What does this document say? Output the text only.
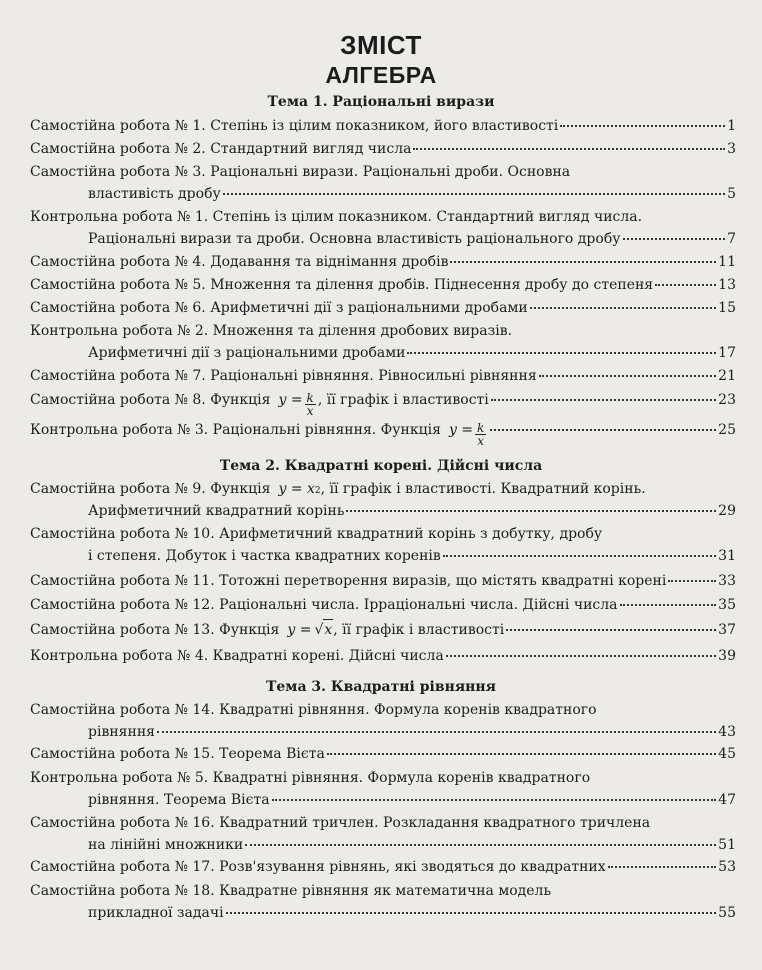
ЗМІСТ
АЛГЕБРА
Тема 1. Раціональні вирази
Самостійна робота № 1. Степінь із цілим показником, його властивості	1
Самостійна робота № 2. Стандартний вигляд числа	3
Самостійна робота № 3. Раціональні вирази. Раціональні дроби. Основна
властивість дробу	5
Контрольна робота № 1. Степінь із цілим показником. Стандартний вигляд числа.
Раціональні вирази та дроби. Основна властивість раціонального дробу	7
Самостійна робота № 4. Додавання та віднімання дробів	11
Самостійна робота № 5. Множення та ділення дробів. Піднесення дробу до степеня	13
Самостійна робота № 6. Арифметичні дії з раціональними дробами	15
Контрольна робота № 2. Множення та ділення дробових виразів.
Арифметичні дії з раціональними дробами	17
Самостійна робота № 7. Раціональні рівняння. Рівносильні рівняння	21
Самостійна робота № 8. Функція $y = \frac{k}{x}$ , її графік і властивості	23
Контрольна робота № 3. Раціональні рівняння. Функція $y = \frac{k}{x}$	25
Тема 2. Квадратні корені. Дійсні числа
Самостійна робота № 9. Функція y = x 2 , її графік і властивості. Квадратний корінь.
Арифметичний квадратний корінь	29
Самостійна робота № 10. Арифметичний квадратний корінь з добутку, дробу
і степеня. Добуток і частка квадратних коренів	31
Самостійна робота № 11. Тотожні перетворення виразів, що містять квадратні корені	33
Самостійна робота № 12. Раціональні числа. Ірраціональні числа. Дійсні числа	35
Самостійна робота № 13. Функція y = √ x , її графік і властивості	37
Контрольна робота № 4. Квадратні корені. Дійсні числа	39
Тема 3. Квадратні рівняння
Самостійна робота № 14. Квадратні рівняння. Формула коренів квадратного
рівняння	43
Самостійна робота № 15. Теорема Вієта	45
Контрольна робота № 5. Квадратні рівняння. Формула коренів квадратного
рівняння. Теорема Вієта	47
Самостійна робота № 16. Квадратний тричлен. Розкладання квадратного тричлена
на лінійні множники	51
Самостійна робота № 17. Розв'язування рівнянь, які зводяться до квадратних	53
Самостійна робота № 18. Квадратне рівняння як математична модель
прикладної задачі	55
